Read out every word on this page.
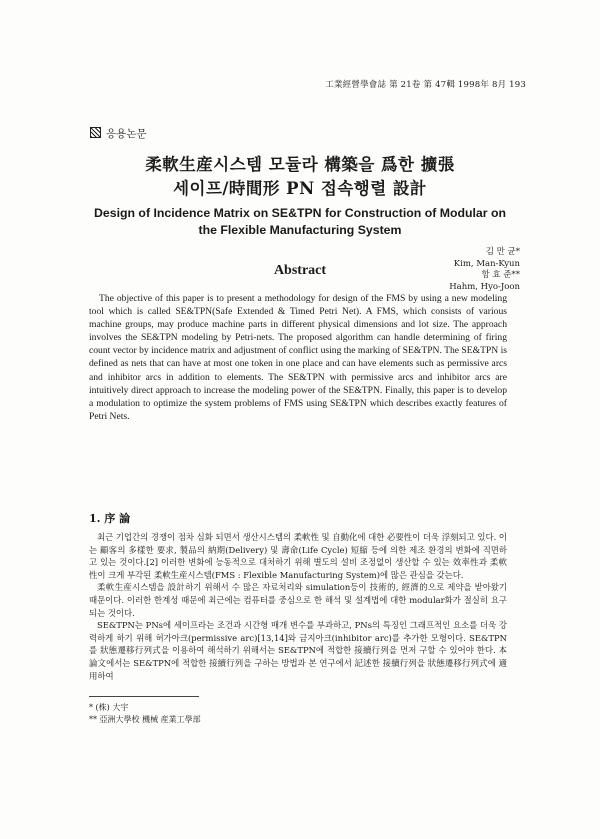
工業經營學會誌 第 21卷 第 47輯 1998年 8月 193
응용논문
柔軟生産시스템 모듈라 構築을 爲한 擴張
세이프/時間形 PN 접속행렬 設計
Design of Incidence Matrix on SE&TPN for Construction of Modular on
the Flexible Manufacturing System
김 만 균*
Kim, Man-Kyun
함 효 준**
Hahm, Hyo-Joon
Abstract
The objective of this paper is to present a methodology for design of the FMS by using a new modeling tool which is called SE&TPN(Safe Extended & Timed Petri Net). A FMS, which consists of various machine groups, may produce machine parts in different physical dimensions and lot size. The approach involves the SE&TPN modeling by Petri-nets. The proposed algorithm can handle determining of firing count vector by incidence matrix and adjustment of conflict using the marking of SE&TPN. The SE&TPN is defined as nets that can have at most one token in one place and can have elements such as permissive arcs and inhibitor arcs in addition to elements. The SE&TPN with permissive arcs and inhibitor arcs are intuitively direct approach to increase the modeling power of the SE&TPN. Finally, this paper is to develop a modulation to optimize the system problems of FMS using SE&TPN which describes exactly features of Petri Nets.
1. 序 論

최근 기업간의 경쟁이 점차 심화 되면서 생산시스템의 柔軟性 및 自動化에 대한 必要性이 더욱 浮刻되고 있다. 이는 顧客의 多樣한 要求, 製品의 納期(Delivery) 및 壽命(Life Cycle) 短縮 등에 의한 제조 환경의 변화에 직면하고 있는 것이다.[2] 이러한 변화에 능동적으로 대처하기 위해 별도의 설비 조정없이 생산할 수 있는 效率性과 柔軟性이 크게 부각된 柔軟生産시스템(FMS : Flexible Manufacturing System)에 많은 관심을 갖는다.

柔軟生産시스템을 設計하기 위해서 수 많은 자료처리와 simulation등이 技術的, 經濟的으로 제약을 받아왔기 때문이다. 이러한 한계성 때문에 최근에는 컴퓨터를 중심으로 한 해석 및 설계법에 대한 modular화가 절실히 요구되는 것이다.

SE&TPN는 PNs에 세이프라는 조건과 시간형 매개 변수를 부과하고, PNs의 특징인 그래프적인 요소를 더욱 강력하게 하기 위해 허가아크(permissive arc)[13,14]와 금지아크(inhibitor arc)를 추가한 모형이다. SE&TPN를 狀態遷移行列式을 이용하여 해석하기 위해서는 SE&TPN에 적합한 接續行列을 먼저 구할 수 있어야 한다. 本 論文에서는 SE&TPN에 적합한 接續行列을 구하는 방법과 본 연구에서 記述한 接續行列을 狀態遷移行列式에 適用하여

* (株) 大宇
** 亞洲大學校 機械 産業工學部
